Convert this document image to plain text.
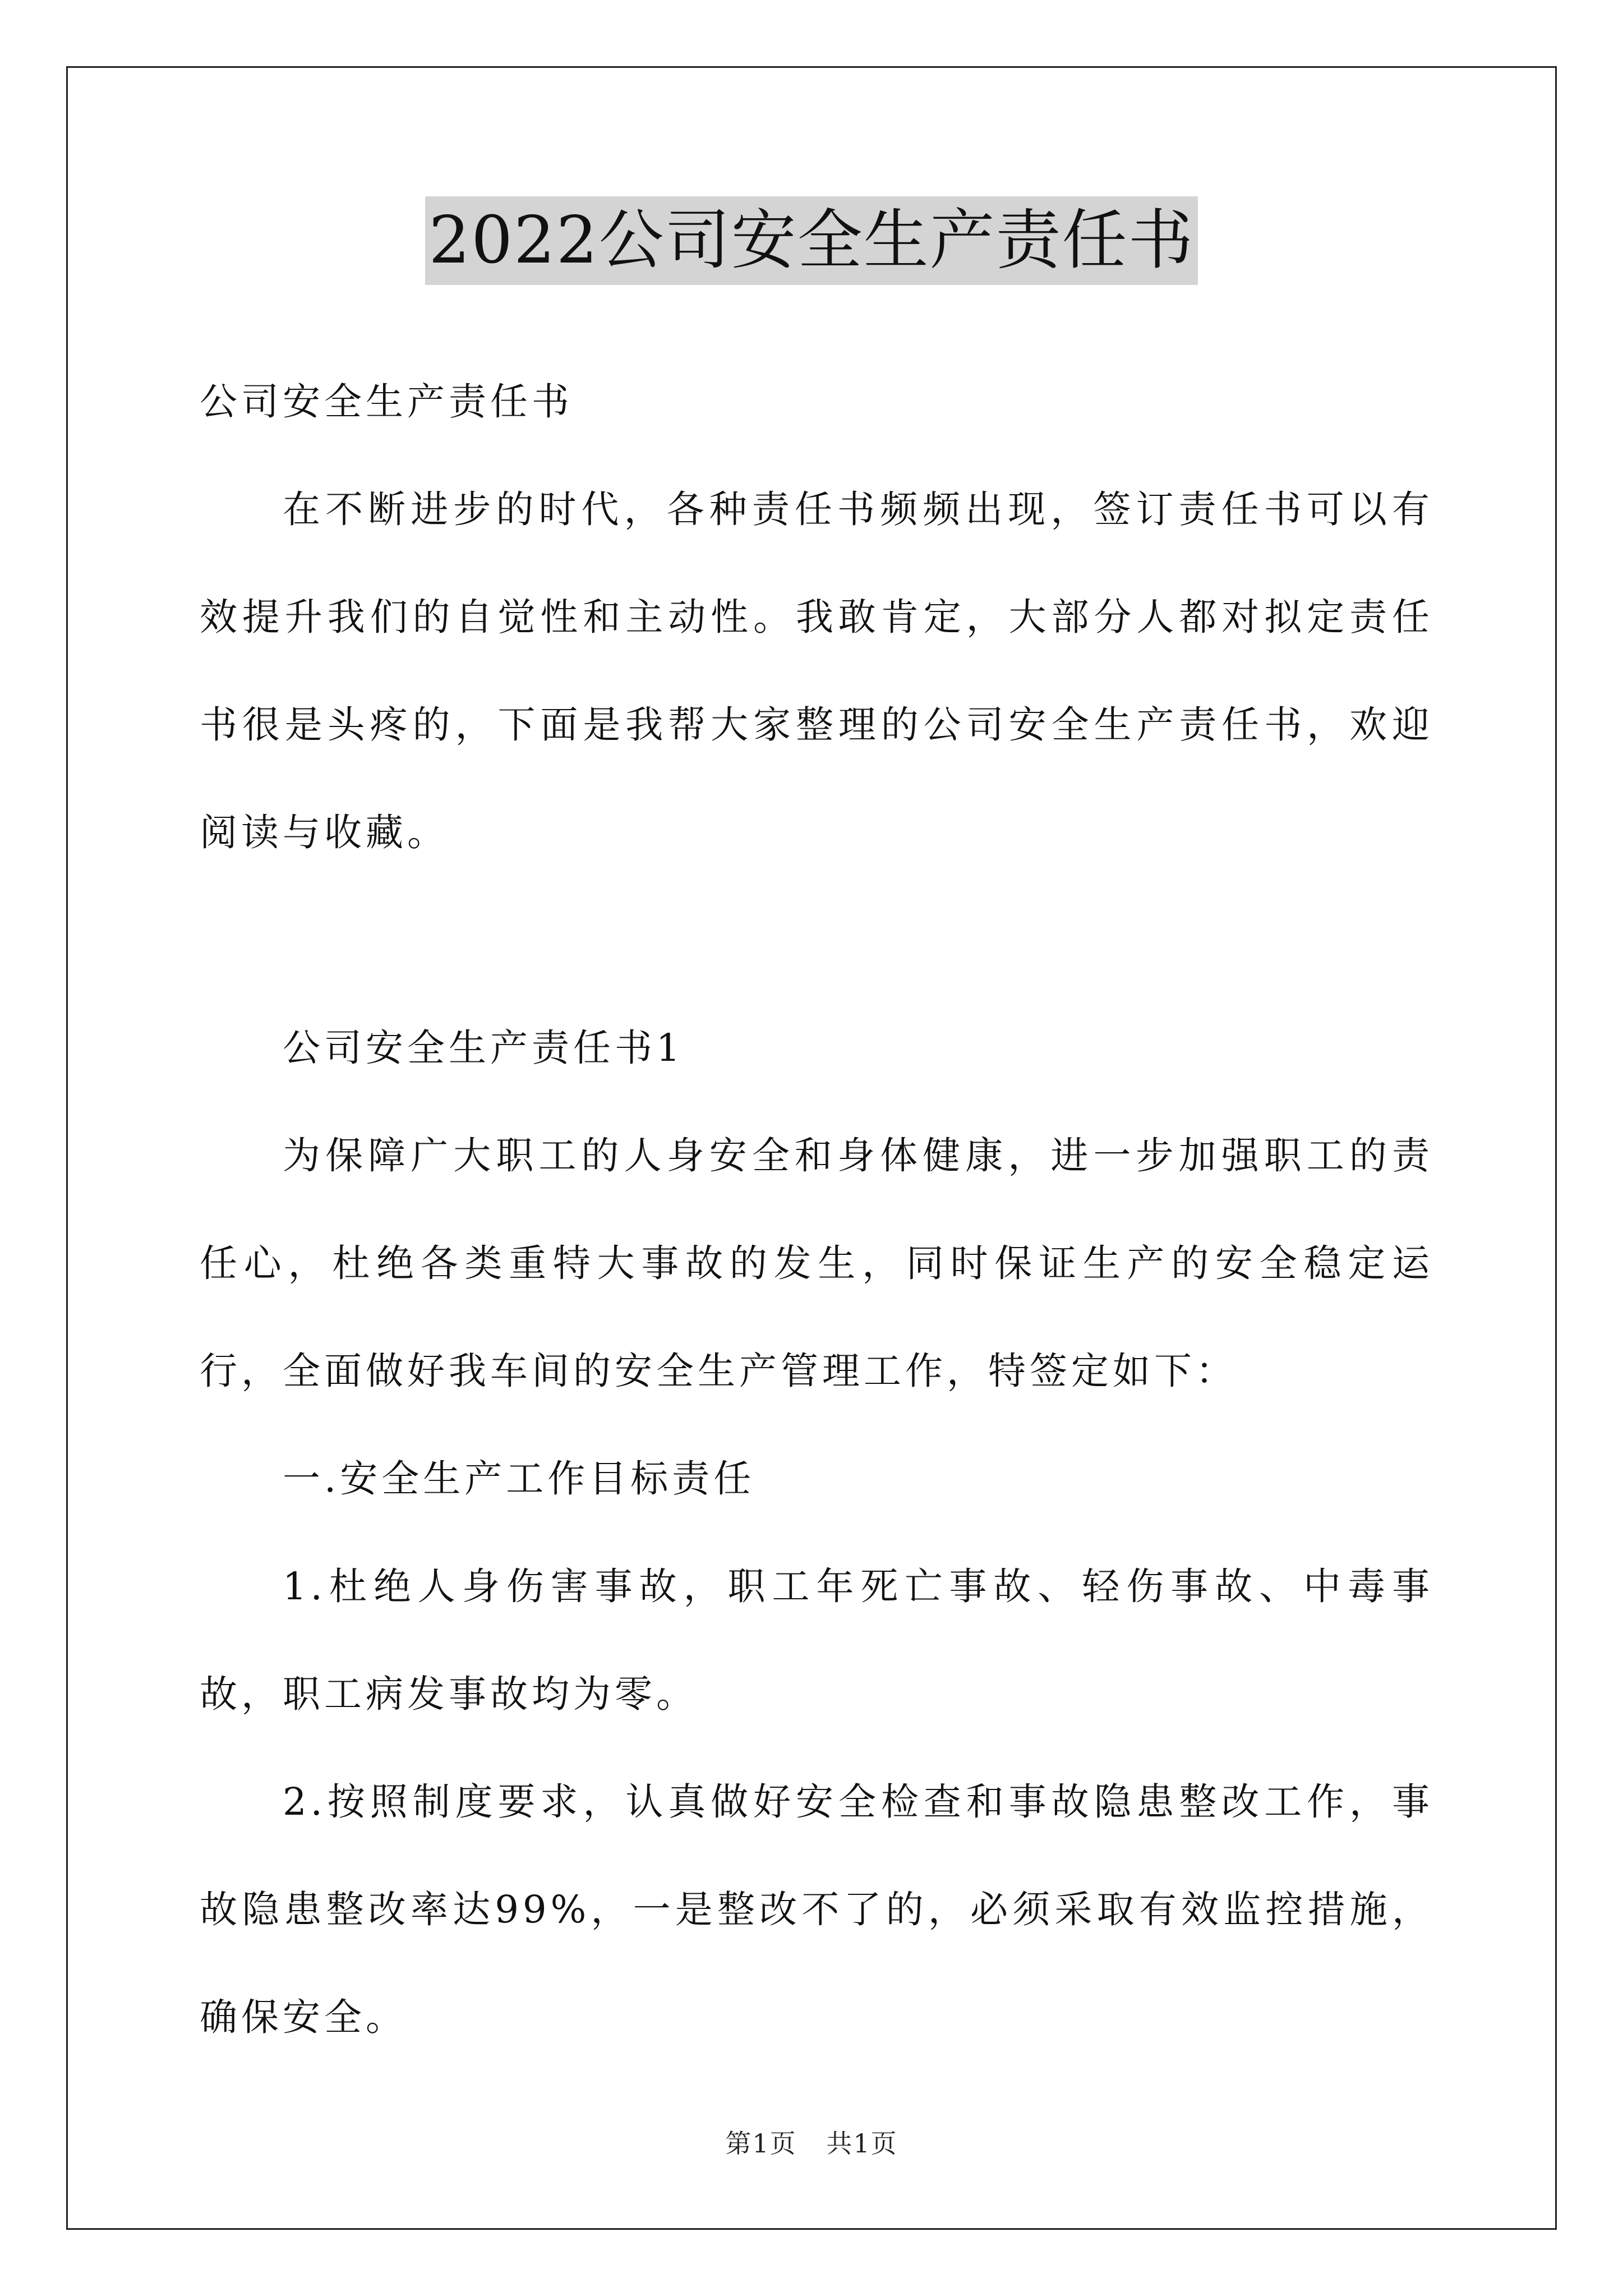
2022公司安全生产责任书

公司安全生产责任书

在不断进步的时代，各种责任书频频出现，签订责任书可以有效提升我们的自觉性和主动性。我敢肯定，大部分人都对拟定责任书很是头疼的，下面是我帮大家整理的公司安全生产责任书，欢迎阅读与收藏。

公司安全生产责任书1

为保障广大职工的人身安全和身体健康，进一步加强职工的责任心，杜绝各类重特大事故的发生，同时保证生产的安全稳定运行，全面做好我车间的安全生产管理工作，特签定如下：

一.安全生产工作目标责任

1.杜绝人身伤害事故，职工年死亡事故、轻伤事故、中毒事故，职工病发事故均为零。

2.按照制度要求，认真做好安全检查和事故隐患整改工作，事故隐患整改率达99%，一是整改不了的，必须采取有效监控措施，确保安全。

第1页 共1页
